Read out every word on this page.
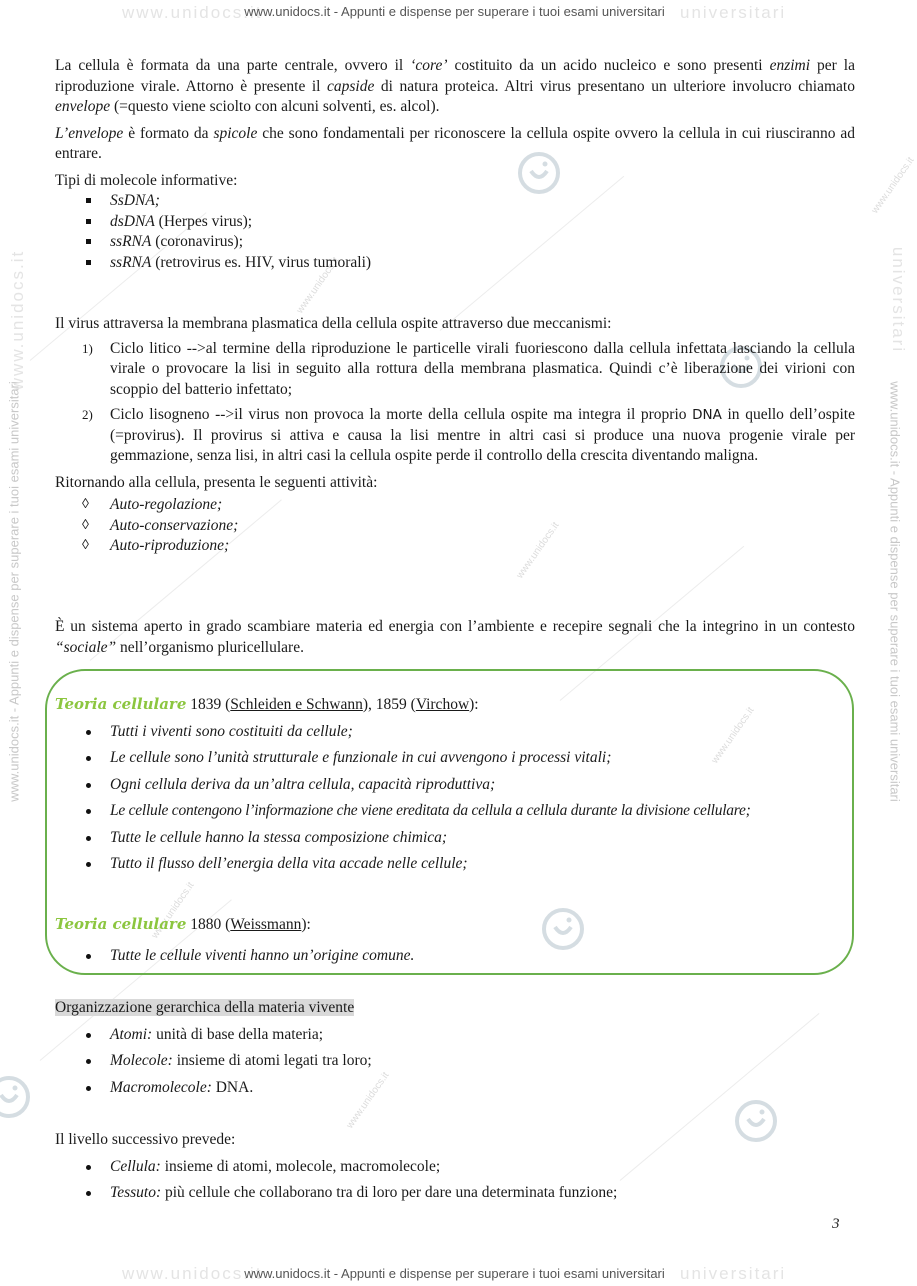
www.unidocs.it	universitari
www.unidocs.it	universitari
www.unidocs.it - Appunti e dispense per superare i tuoi esami universitari
www.unidocs.it - Appunti e dispense per superare i tuoi esami universitari
www.unidocs.it - Appunti e dispense per superare i tuoi esami universitari	www.unidocs.it - Appunti e dispense per superare i tuoi esami universitari
www.unidocs.it	universitari
www.unidocs.it
www.unidocs.it
www.unidocs.it
www.unidocs.it
www.unidocs.it
www.unidocs.it

La cellula è formata da una parte centrale, ovvero il ‘core’ costituito da un acido nucleico e sono presenti enzimi per la riproduzione virale. Attorno è presente il capside di natura proteica. Altri virus presentano un ulteriore involucro chiamato envelope (=questo viene sciolto con alcuni solventi, es. alcol).

L’envelope è formato da spicole che sono fondamentali per riconoscere la cellula ospite ovvero la cellula in cui riusciranno ad entrare.

Tipi di molecole informative:

SsDNA;
dsDNA (Herpes virus);
ssRNA (coronavirus);
ssRNA (retrovirus es. HIV, virus tumorali)

Il virus attraversa la membrana plasmatica della cellula ospite attraverso due meccanismi:

1) Ciclo litico -->al termine della riproduzione le particelle virali fuoriescono dalla cellula infettata lasciando la cellula virale o provocare la lisi in seguito alla rottura della membrana plasmatica. Quindi c’è liberazione dei virioni con scoppio del batterio infettato;
2) Ciclo lisogneno -->il virus non provoca la morte della cellula ospite ma integra il proprio DNA in quello dell’ospite (=provirus). Il provirus si attiva e causa la lisi mentre in altri casi si produce una nuova progenie virale per gemmazione, senza lisi, in altri casi la cellula ospite perde il controllo della crescita diventando maligna.

Ritornando alla cellula, presenta le seguenti attività:

◊ Auto-regolazione;
◊ Auto-conservazione;
◊ Auto-riproduzione;

È un sistema aperto in grado scambiare materia ed energia con l’ambiente e recepire segnali che la integrino in un contesto “sociale” nell’organismo pluricellulare.

Teoria cellulare 1839 (Schleiden e Schwann), 1859 (Virchow):

Tutti i viventi sono costituiti da cellule;
Le cellule sono l’unità strutturale e funzionale in cui avvengono i processi vitali;
Ogni cellula deriva da un’altra cellula, capacità riproduttiva;
Le cellule contengono l’informazione che viene ereditata da cellula a cellula durante la divisione cellulare;
Tutte le cellule hanno la stessa composizione chimica;
Tutto il flusso dell’energia della vita accade nelle cellule;

Teoria cellulare 1880 (Weissmann):

Tutte le cellule viventi hanno un’origine comune.

Organizzazione gerarchica della materia vivente

Atomi: unità di base della materia;
Molecole: insieme di atomi legati tra loro;
Macromolecole: DNA.

Il livello successivo prevede:

Cellula: insieme di atomi, molecole, macromolecole;
Tessuto: più cellule che collaborano tra di loro per dare una determinata funzione;
3
